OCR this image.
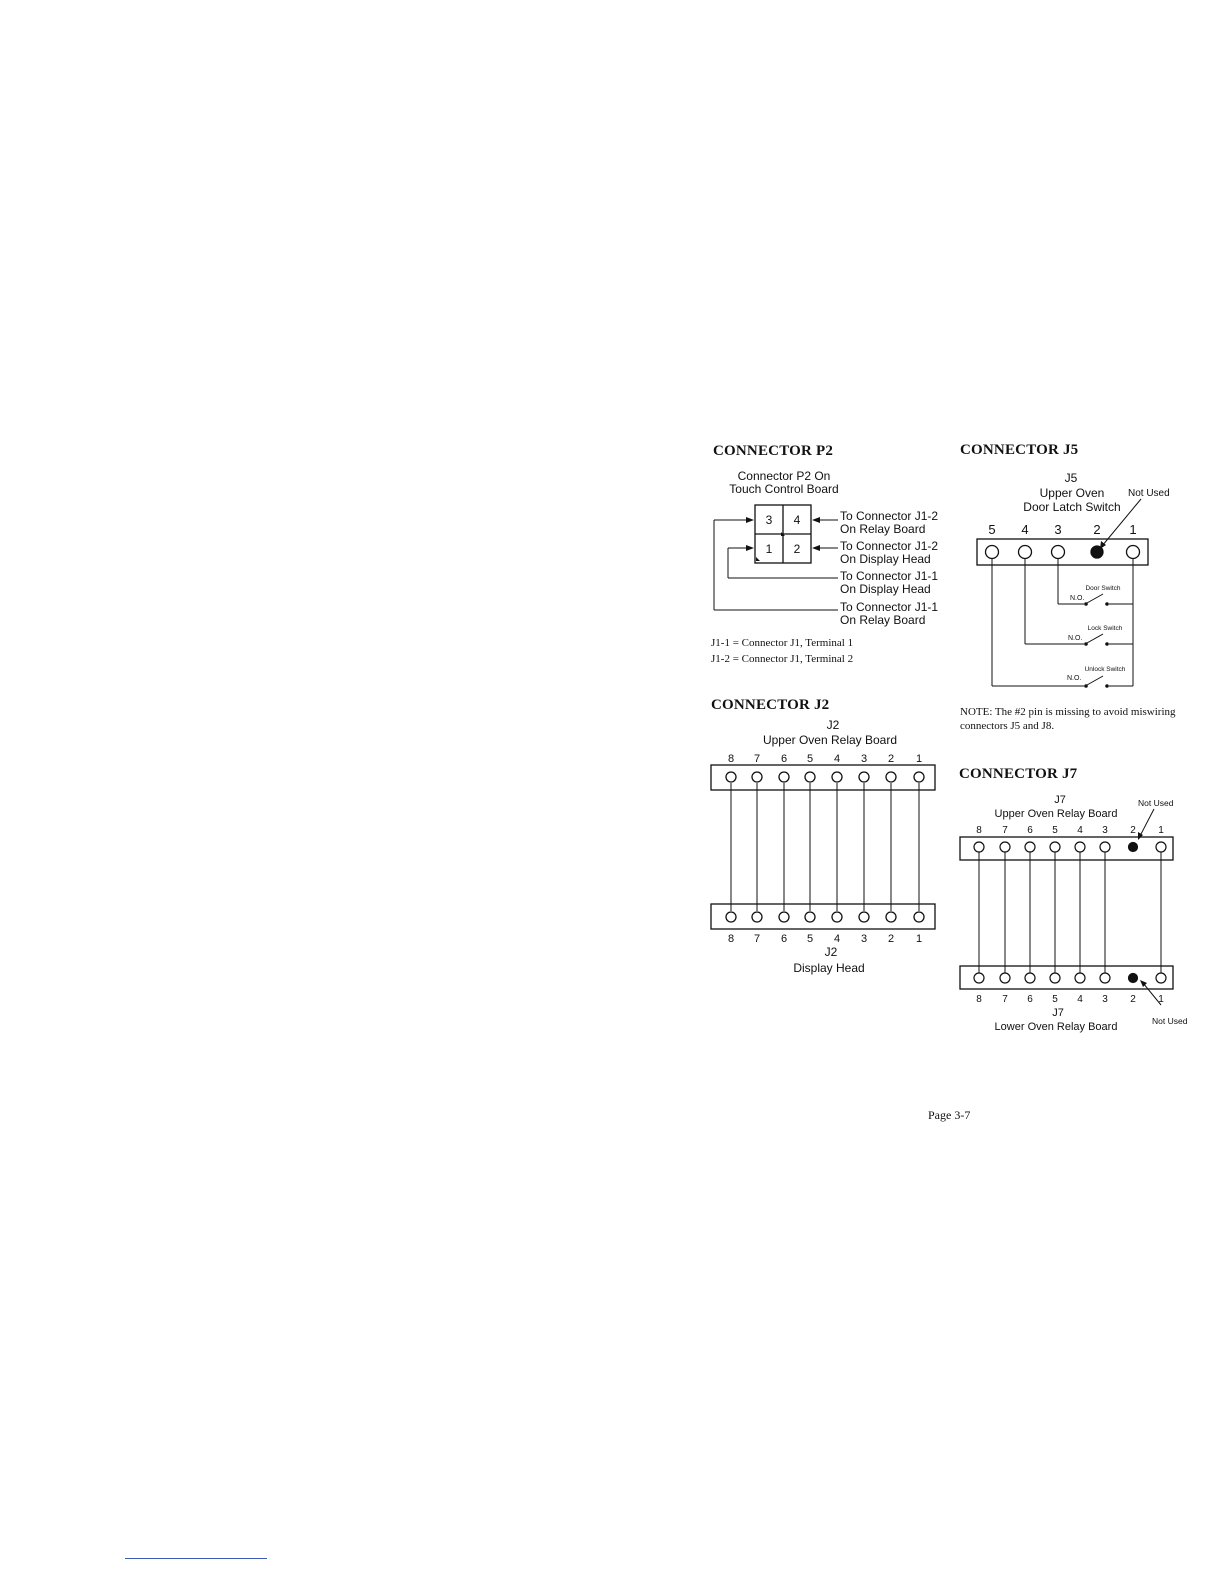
CONNECTOR P2
Connector P2 On
Touch Control Board
3 4
1 2
To Connector J1-2
On Relay Board
To Connector J1-2
On Display Head
To Connector J1-1
On Display Head
To Connector J1-1
On Relay Board
J1-1 = Connector J1, Terminal 1
J1-2 = Connector J1, Terminal 2
CONNECTOR J2
J2
Upper Oven Relay Board
8 7 6 5 4 3 2 1
8 7 6 5 4 3 2 1
J2
Display Head
CONNECTOR J5
J5
Upper Oven
Door Latch Switch
Not Used
5 4 3 2 1
Door Switch
N.O.
Lock Switch
N.O.
Unlock Switch
N.O.
NOTE: The #2 pin is missing to avoid miswiring connectors J5 and J8.
CONNECTOR J7
J7
Upper Oven Relay Board
Not Used
8 7 6 5 4 3 2 1
8 7 6 5 4 3 2 1
J7
Lower Oven Relay Board	Not Used
Page 3-7
